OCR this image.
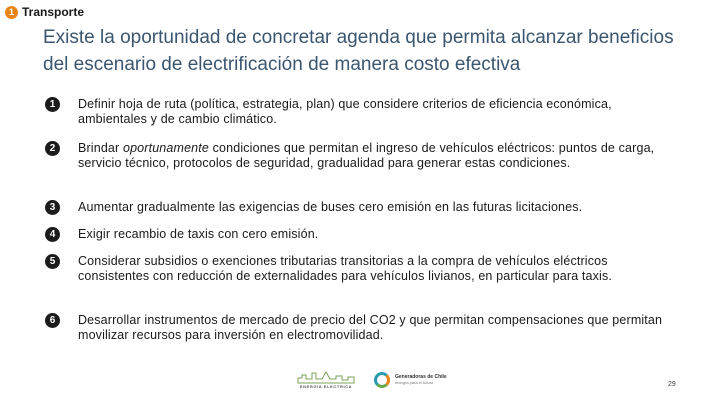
1 Transporte
Existe la oportunidad de concretar agenda que permita alcanzar beneficios del escenario de electrificación de manera costo efectiva
1	Definir hoja de ruta (política, estrategia, plan) que considere criterios de eficiencia económica, ambientales y de cambio climático.
2	Brindar oportunamente condiciones que permitan el ingreso de vehículos eléctricos: puntos de carga, servicio técnico, protocolos de seguridad, gradualidad para generar estas condiciones.
3	Aumentar gradualmente las exigencias de buses cero emisión en las futuras licitaciones.
4	Exigir recambio de taxis con cero emisión.
5	Considerar subsidios o exenciones tributarias transitorias a la compra de vehículos eléctricos consistentes con reducción de externalidades para vehículos livianos, en particular para taxis.
6	Desarrollar instrumentos de mercado de precio del CO2 y que permitan compensaciones que permitan movilizar recursos para inversión en electromovilidad.
ENERGIA ELECTRICA
Generadoras de Chile
energía para el futuro	29
